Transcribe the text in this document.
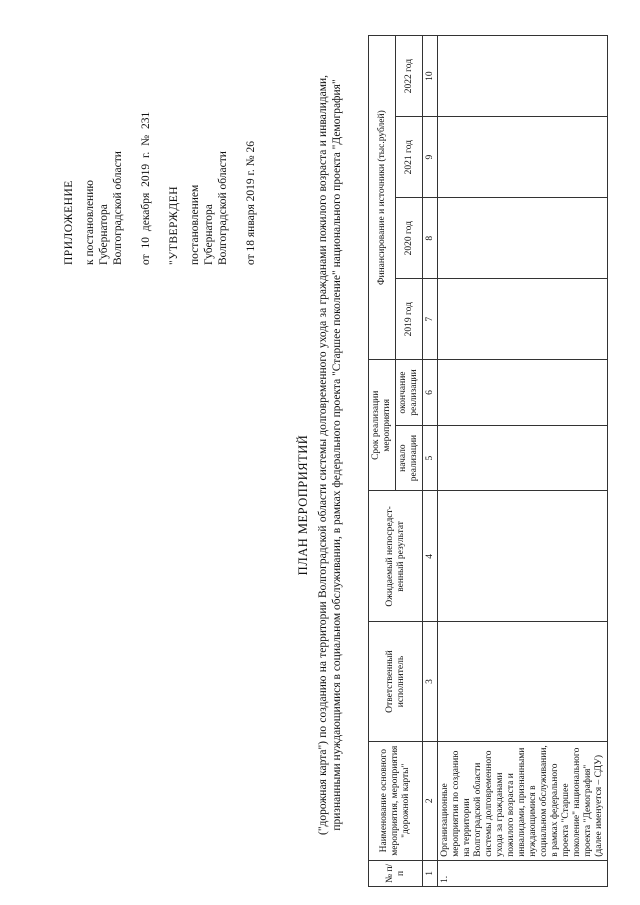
ПРИЛОЖЕНИЕ к постановлению Губернатора Волгоградской области от 10 декабря 2019 г. № 231 "УТВЕРЖДЕН постановлением Губернатора Волгоградской области от 18 января 2019 г. № 26
ПЛАН МЕРОПРИЯТИЙ ("дорожная карта") по созданию на территории Волгоградской области системы долговременного ухода за гражданами пожилого возраста и инвалидами, признанными нуждающимися в социальном обслуживании, в рамках федерального проекта "Старшее поколение" национального проекта "Демография"
№ п/п	Наименование основного мероприятия, мероприятия "дорожной карты"	Ответственный исполнитель	Ожидаемый непосредст-венный результат	Срок реализации мероприятия		Финансирование и источники (тыс.рублей)			
				начало реализации	окончание реализации	2019 год	2020 год	2021 год	2022 год
1	2	3	4	5	6	7	8	9	10
1.	Организационные мероприятия по созданию на территории Волгоградской области системы долговременного ухода за гражданами пожилого возраста и инвалидами, признанными нуждающимися в социальном обслуживании, в рамках федерального проекта "Старшее поколение" национального проекта "Демография" (далее именуется – СДУ)								
